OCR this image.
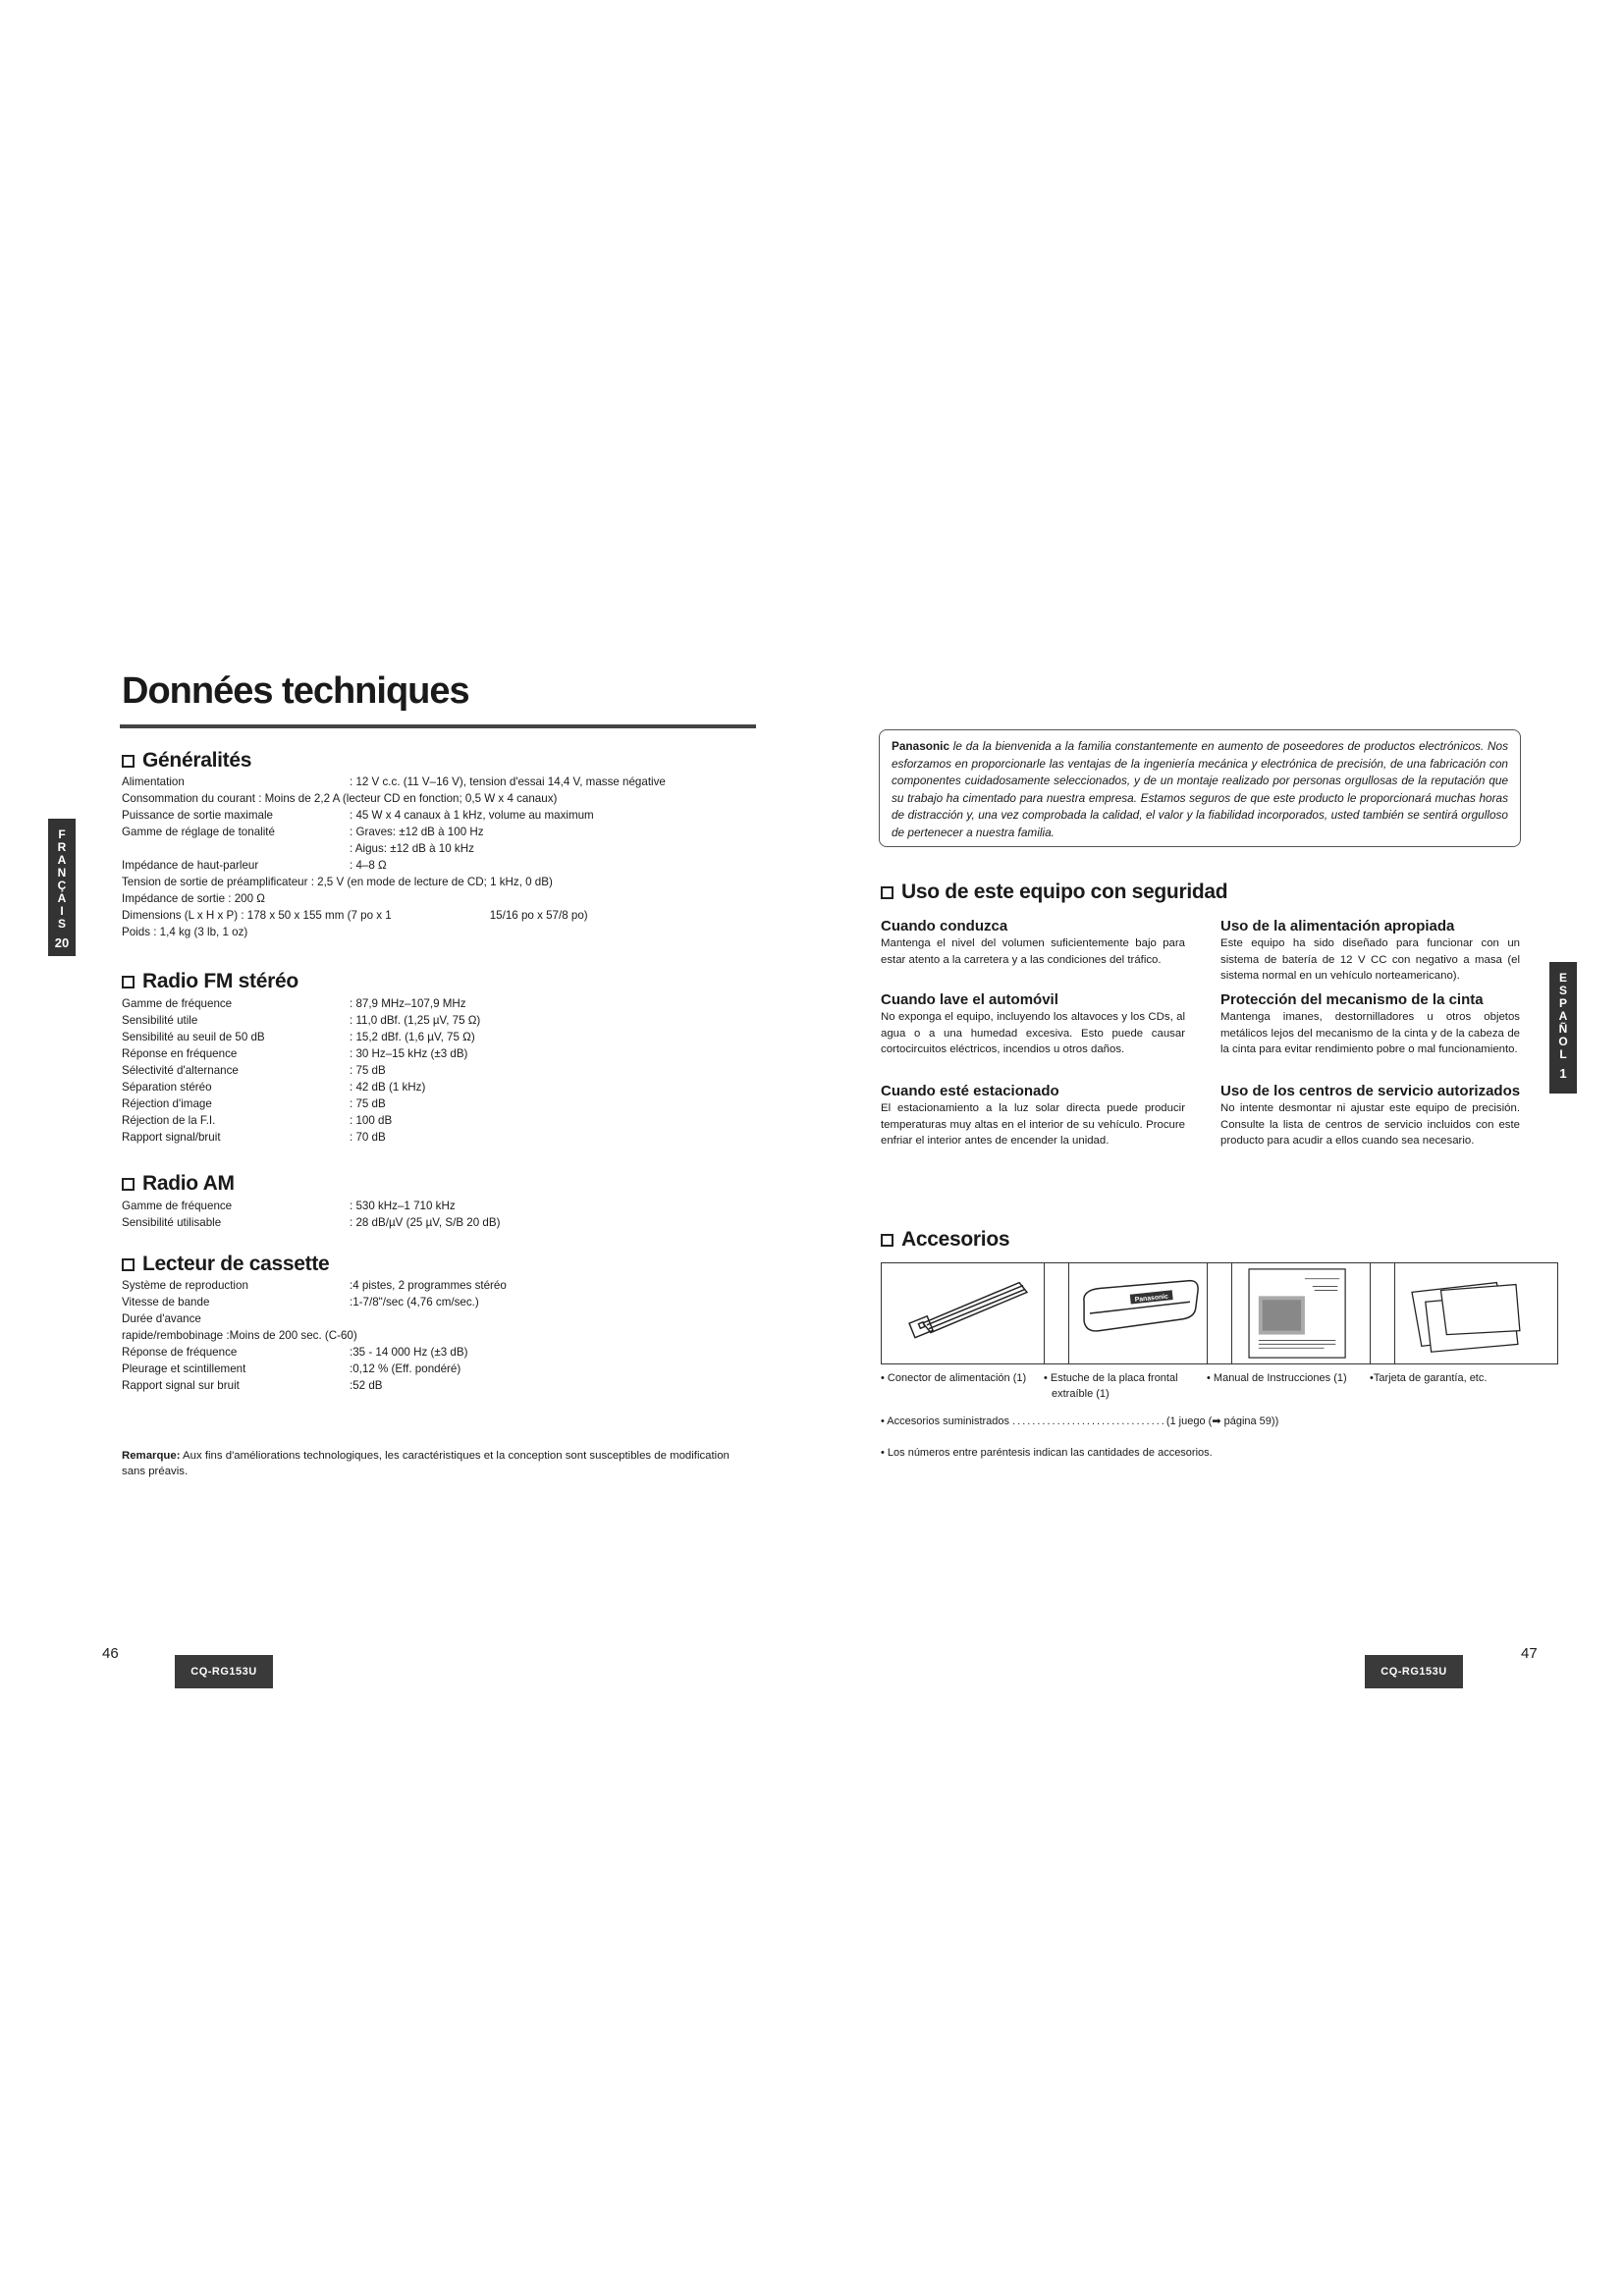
Données techniques
F
R
A
N
Ç
A
I
S
20
Généralités
Alimentation	: 12 V c.c. (11 V–16 V), tension d'essai 14,4 V, masse négative
Consommation du courant : Moins de 2,2 A (lecteur CD en fonction; 0,5 W x 4 canaux)	
Puissance de sortie maximale	: 45 W x 4 canaux à 1 kHz, volume au maximum
Gamme de réglage de tonalité	: Graves: ±12 dB à 100 Hz
	: Aigus: ±12 dB à 10 kHz
Impédance de haut-parleur	: 4–8 Ω
Tension de sortie de préamplificateur : 2,5 V (en mode de lecture de CD; 1 kHz, 0 dB)	
Impédance de sortie : 200 Ω	
Dimensions (L x H x P) : 178 x 50 x 155 mm (7 po x 1 15/16 po x 57/8 po)	
Poids : 1,4 kg (3 lb, 1 oz)	
Radio FM stéréo
Gamme de fréquence	: 87,9 MHz–107,9 MHz
Sensibilité utile	: 11,0 dBf. (1,25 µV, 75 Ω)
Sensibilité au seuil de 50 dB	: 15,2 dBf. (1,6 µV, 75 Ω)
Réponse en fréquence	: 30 Hz–15 kHz (±3 dB)
Sélectivité d'alternance	: 75 dB
Séparation stéréo	: 42 dB (1 kHz)
Réjection d'image	: 75 dB
Réjection de la F.I.	: 100 dB
Rapport signal/bruit	: 70 dB
Radio AM
Gamme de fréquence	: 530 kHz–1 710 kHz
Sensibilité utilisable	: 28 dB/µV (25 µV, S/B 20 dB)
Lecteur de cassette
Système de reproduction	:4 pistes, 2 programmes stéréo
Vitesse de bande	:1-7/8"/sec (4,76 cm/sec.)
Durée d'avance	
rapide/rembobinage :Moins de 200 sec. (C-60)	
Réponse de fréquence	:35 - 14 000 Hz (±3 dB)
Pleurage et scintillement	:0,12 % (Eff. pondéré)
Rapport signal sur bruit	:52 dB
Remarque: Aux fins d'améliorations technologiques, les caractéristiques et la conception sont susceptibles de modification sans préavis.
46
CQ-RG153U
Panasonic le da la bienvenida a la familia constantemente en aumento de poseedores de productos electrónicos. Nos esforzamos en proporcionarle las ventajas de la ingeniería mecánica y electrónica de precisión, de una fabricación con componentes cuidadosamente seleccionados, y de un montaje realizado por personas orgullosas de la reputación que su trabajo ha cimentado para nuestra empresa. Estamos seguros de que este producto le proporcionará muchas horas de distracción y, una vez comprobada la calidad, el valor y la fiabilidad incorporados, usted también se sentirá orgulloso de pertenecer a nuestra familia.
E
S
P
A
Ñ
O
L
1
Uso de este equipo con seguridad
Cuando conduzca
Mantenga el nivel del volumen suficientemente bajo para estar atento a la carretera y a las condiciones del tráfico.
Cuando lave el automóvil
No exponga el equipo, incluyendo los altavoces y los CDs, al agua o a una humedad excesiva. Esto puede causar cortocircuitos eléctricos, incendios u otros daños.
Cuando esté estacionado
El estacionamiento a la luz solar directa puede producir temperaturas muy altas en el interior de su vehículo. Procure enfriar el interior antes de encender la unidad.
Uso de la alimentación apropiada
Este equipo ha sido diseñado para funcionar con un sistema de batería de 12 V CC con negativo a masa (el sistema normal en un vehículo norteamericano).
Protección del mecanismo de la cinta
Mantenga imanes, destornilladores u otros objetos metálicos lejos del mecanismo de la cinta y de la cabeza de la cinta para evitar rendimiento pobre o mal funcionamiento.
Uso de los centros de servicio autorizados
No intente desmontar ni ajustar este equipo de precisión. Consulte la lista de centros de servicio incluidos con este producto para acudir a ellos cuando sea necesario.
Accesorios
Panasonic
• Conector de alimentación (1) • Estuche de la placa frontal
extraíble (1)
• Manual de Instrucciones (1) •Tarjeta de garantía, etc.
• Accesorios suministrados ...............................(1 juego (➡ página 59))
• Los números entre paréntesis indican las cantidades de accesorios.
47
CQ-RG153U
